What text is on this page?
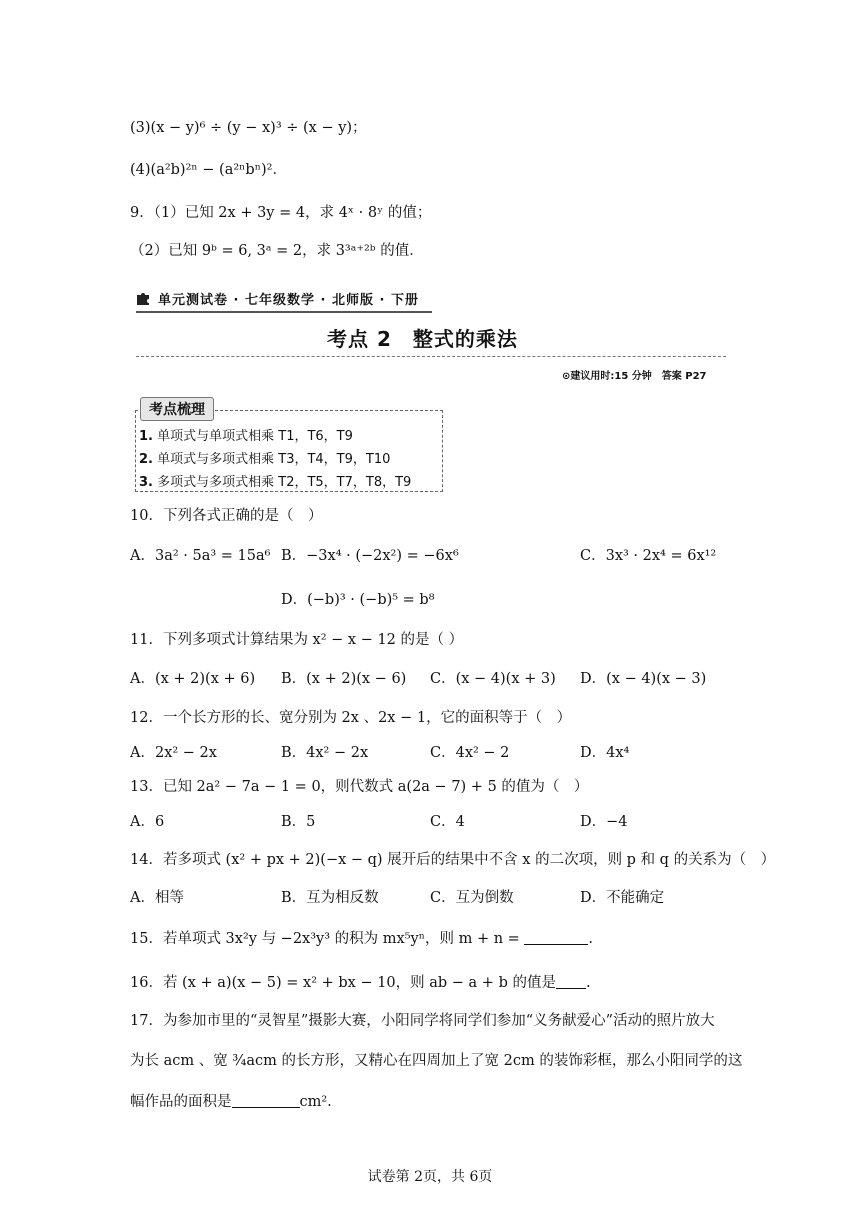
(3)(x − y)⁶ ÷ (y − x)³ ÷ (x − y)；
(4)(a²b)²ⁿ − (a²ⁿbⁿ)²．
9．（1）已知 2x + 3y = 4，求 4ˣ · 8ʸ 的值；
（2）已知 9ᵇ = 6, 3ᵃ = 2，求 3³ᵃ⁺²ᵇ 的值．
单元测试卷 · 七年级数学 · 北师版 · 下册
考点 2　整式的乘法
⊙建议用时:15 分钟　答案 P27
考点梳理
1. 单项式与单项式相乘 T1，T6，T9
2. 单项式与多项式相乘 T3，T4，T9，T10
3. 多项式与多项式相乘 T2，T5，T7，T8，T9
10．下列各式正确的是（　）
A．3a² · 5a³ = 15a⁶ B．−3x⁴ · (−2x²) = −6x⁶	C．3x³ · 2x⁴ = 6x¹²
D．(−b)³ · (−b)⁵ = b⁸
11．下列多项式计算结果为 x² − x − 12 的是（ ）
A．(x + 2)(x + 6) B．(x + 2)(x − 6) C．(x − 4)(x + 3) D．(x − 4)(x − 3)
12．一个长方形的长、宽分别为 2x 、2x − 1，它的面积等于（　）
A．2x² − 2x	B．4x² − 2x	C．4x² − 2	D．4x⁴
13．已知 2a² − 7a − 1 = 0，则代数式 a(2a − 7) + 5 的值为（　）
A．6	B．5	C．4	D．−4
14．若多项式 (x² + px + 2)(−x − q) 展开后的结果中不含 x 的二次项，则 p 和 q 的关系为（　）
A．相等	B．互为相反数	C．互为倒数	D．不能确定
15．若单项式 3x²y 与 −2x³y³ 的积为 mx⁵yⁿ，则 m + n =	.
16．若 (x + a)(x − 5) = x² + bx − 10，则 ab − a + b 的值是 .
17．为参加市里的“灵智星”摄影大赛，小阳同学将同学们参加“义务献爱心”活动的照片放大
为长 acm 、宽 ¾acm 的长方形，又精心在四周加上了宽 2cm 的装饰彩框，那么小阳同学的这
幅作品的面积是	cm².
试卷第 2页，共 6页
